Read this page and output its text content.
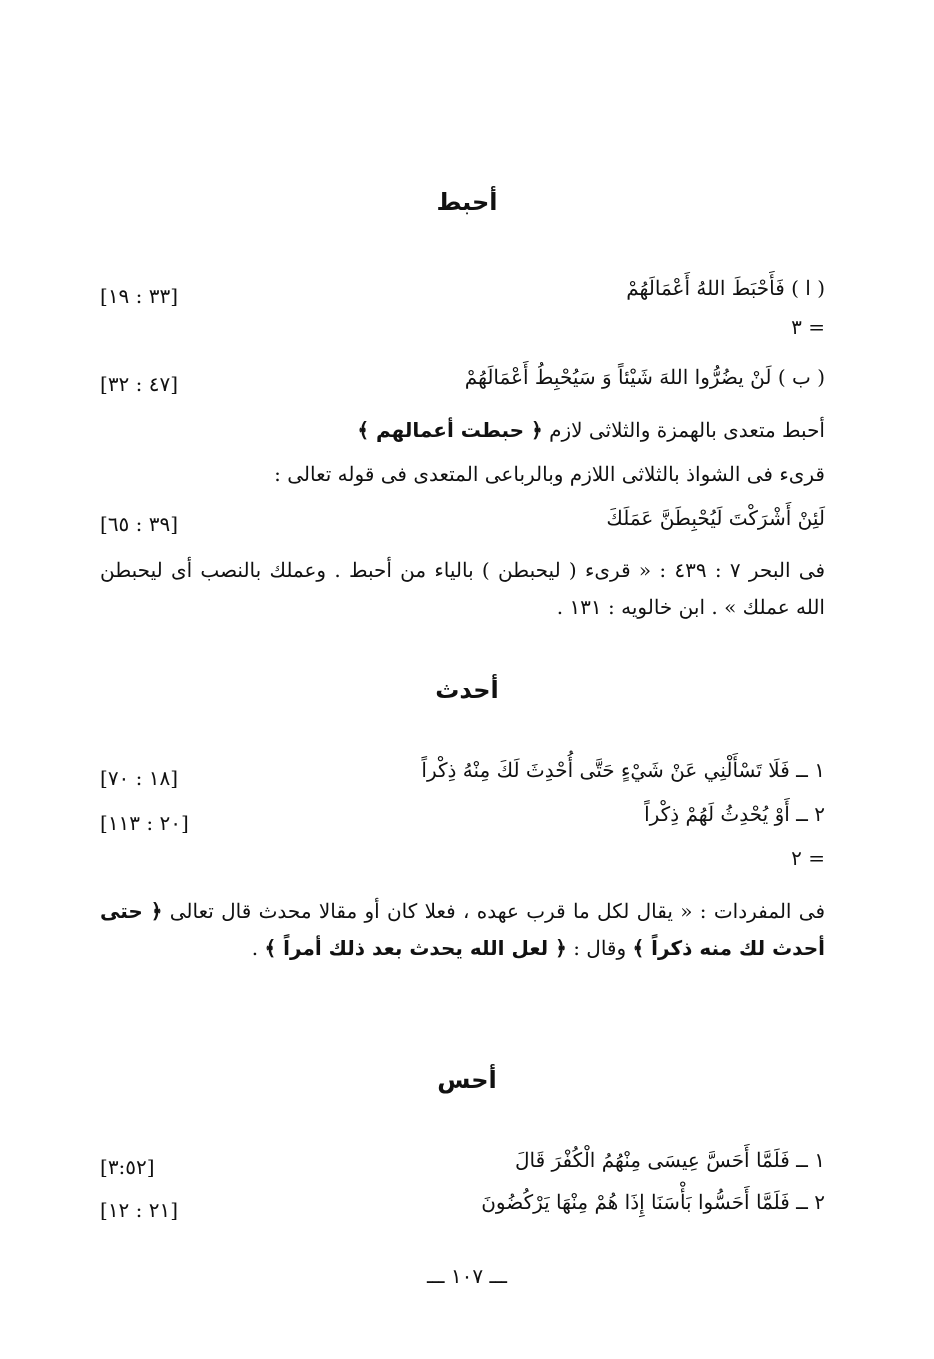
أحبط
( ا ) فَأَحْبَطَ اللهُ أَعْمَالَهُمْ
[٣٣ : ١٩]
= ٣
( ب ) لَنْ يضُرُّوا اللهَ شَيْئاً وَ سَيُحْبِطُ أَعْمَالَهُمْ
[٤٧ : ٣٢]
أحبط متعدى بالهمزة والثلاثى لازم ﴿ حبطت أعمالهم ﴾
قرىء فى الشواذ بالثلاثى اللازم وبالرباعى المتعدى فى قوله تعالى :
لَئِنْ أَشْرَكْتَ لَيُحْبِطَنَّ عَمَلَكَ
[٣٩ : ٦٥]
فى البحر ٧ : ٤٣٩ : « قرىء ( ليحبطن ) بالياء من أحبط . وعملك بالنصب أى ليحبطن الله عملك » . ابن خالويه : ١٣١ .
أحدث
١ ــ فَلَا تَسْأَلْنِي عَنْ شَيْءٍ حَتَّى أُحْدِثَ لَكَ مِنْهُ ذِكْراً
[١٨ : ٧٠]
٢ ــ أَوْ يُحْدِثُ لَهُمْ ذِكْراً
[٢٠ : ١١٣]
= ٢
فى المفردات : « يقال لكل ما قرب عهده ، فعلا كان أو مقالا محدث قال تعالى ﴿ حتى أحدث لك منه ذكراً ﴾ وقال : ﴿ لعل الله يحدث بعد ذلك أمراً ﴾ .
أحس
١ ــ فَلَمَّا أَحَسَّ عِيسَى مِنْهُمُ الْكُفْرَ قَالَ
[٣:٥٢]
٢ ــ فَلَمَّا أَحَسُّوا بَأْسَنَا إِذَا هُمْ مِنْهَا يَرْكُضُونَ
[٢١ : ١٢]
ـــ ١٠٧ ـــ
